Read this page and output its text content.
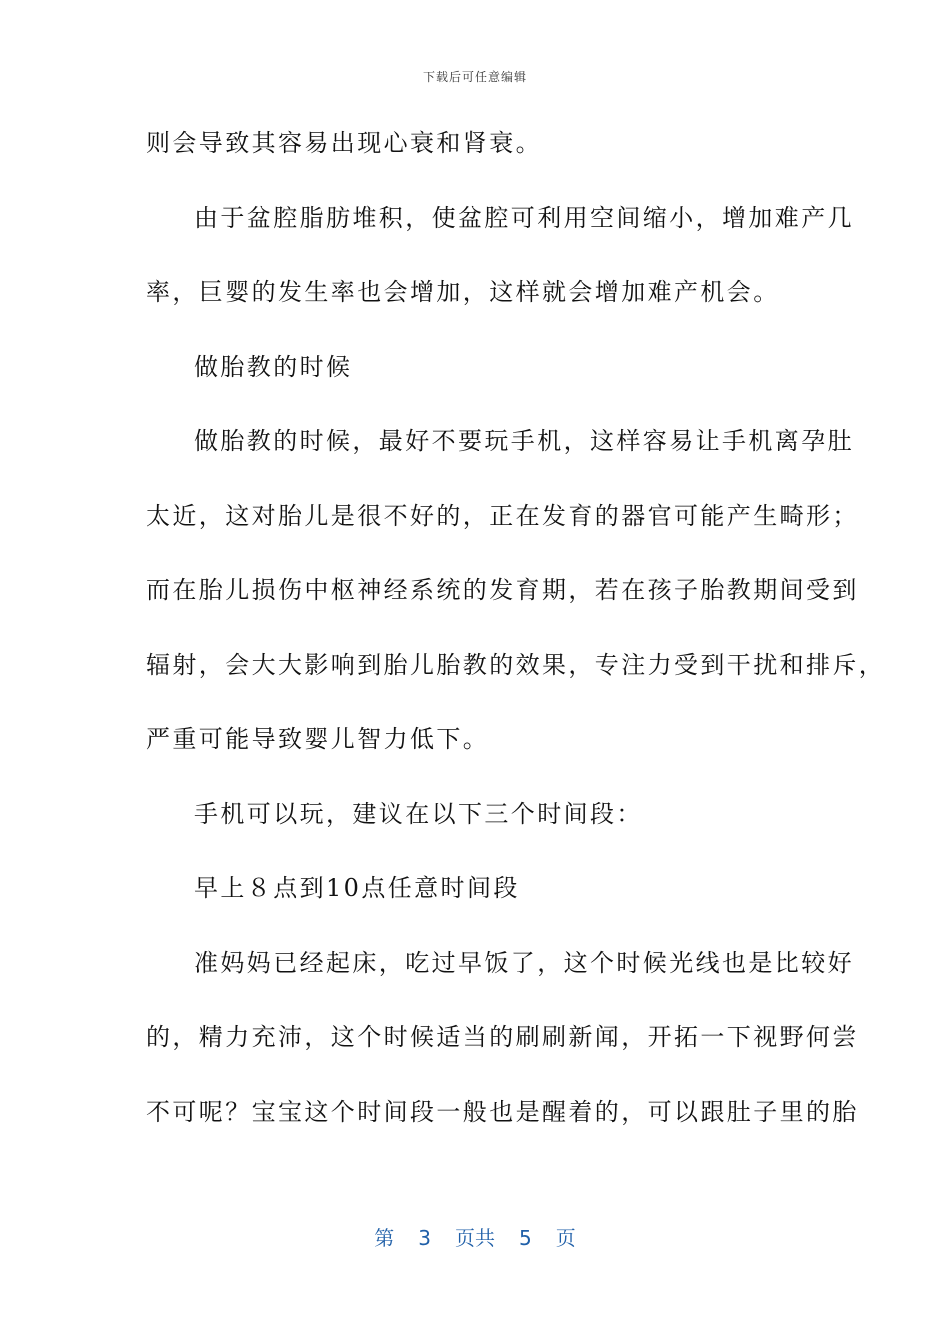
下载后可任意编辑
则会导致其容易出现心衰和肾衰。
由于盆腔脂肪堆积，使盆腔可利用空间缩小，增加难产几
率，巨婴的发生率也会增加，这样就会增加难产机会。
做胎教的时候
做胎教的时候，最好不要玩手机，这样容易让手机离孕肚
太近，这对胎儿是很不好的，正在发育的器官可能产生畸形；
而在胎儿损伤中枢神经系统的发育期，若在孩子胎教期间受到
辐射，会大大影响到胎儿胎教的效果，专注力受到干扰和排斥，
严重可能导致婴儿智力低下。
手机可以玩，建议在以下三个时间段：
早上８点到10点任意时间段
准妈妈已经起床，吃过早饭了，这个时候光线也是比较好
的，精力充沛，这个时候适当的刷刷新闻，开拓一下视野何尝
不可呢？宝宝这个时间段一般也是醒着的，可以跟肚子里的胎
第 3 页共 5 页
